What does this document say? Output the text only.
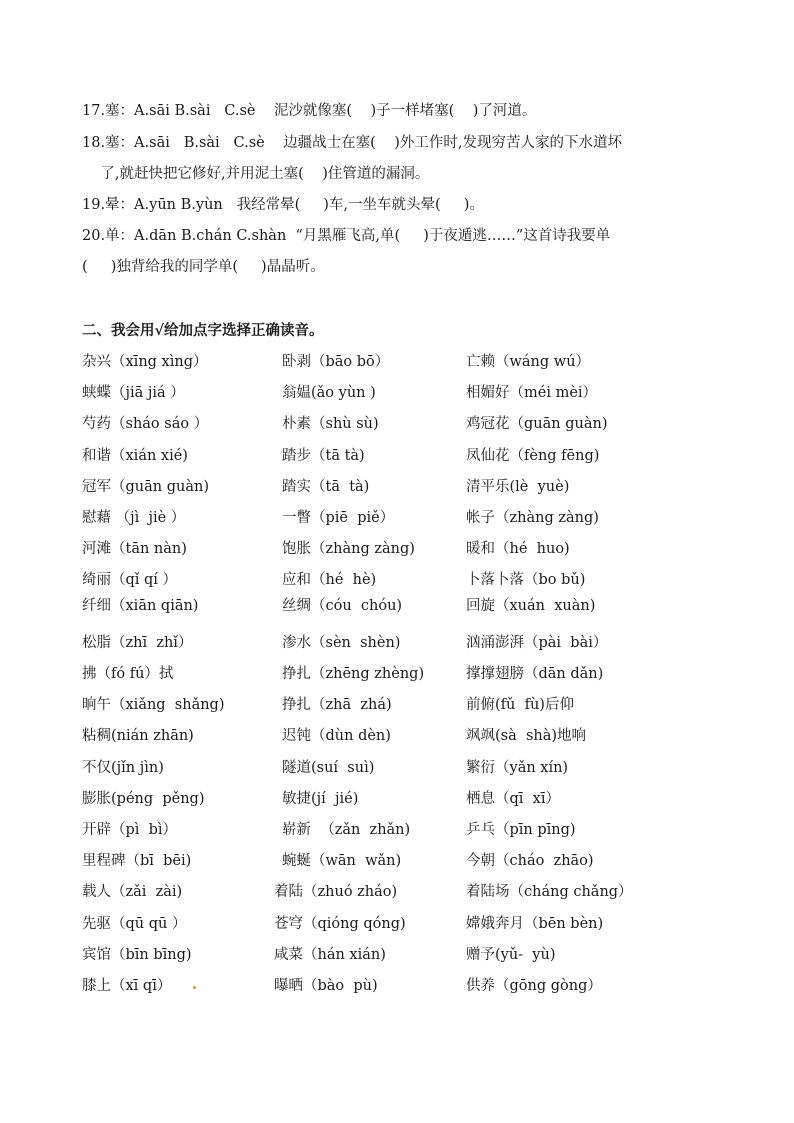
17.塞：A.sāi B.sài   C.sè    泥沙就像塞(    )子一样堵塞(    )了河道。
18.塞：A.sāi   B.sài   C.sè    边疆战士在塞(    )外工作时,发现穷苦人家的下水道坏
了,就赶快把它修好,并用泥土塞(    )住管道的漏洞。
19.晕：A.yūn B.yùn   我经常晕(     )车,一坐车就头晕(     )。
20.单：A.dān B.chán C.shàn  “月黑雁飞高,单(     )于夜遁逃……”这首诗我要单
(     )独背给我的同学单(     )晶晶听。
二、我会用√给加点字选择正确读音。
杂兴（xīng xìng）	卧剥（bāo bō）	亡赖（wáng wú）
蛱蝶（jiā jiá ）	翁媪(ǎo yùn )	相媚好（méi mèi）
芍药（sháo sáo ）	朴素（shù sù)	鸡冠花（guān guàn)
和谐（xián xié)	踏步（tā tà)	凤仙花（fèng fēng)
冠军（guān guàn)	踏实（tā  tà)	清平乐(lè  yuè)
慰藉 （jì  jiè ）	一瞥（piē  piě）	帐子（zhàng zàng)
河滩（tān nàn)	饱胀（zhàng zàng)	暖和（hé  huo)
绮丽（qǐ qí ）	应和（hé  hè)	卜落卜落（bo bǔ)
纤细（xiān qiān)	丝绸（cóu  chóu)	回旋（xuán  xuàn)
松脂（zhī  zhǐ）	渗水（sèn  shèn)	汹涌澎湃（pài  bài）
拂（fó fú）拭	挣扎（zhēng zhèng)	撑撑翅膀（dān dǎn)
晌午（xiǎng  shǎng)	挣扎（zhā  zhá)	前俯(fǔ  fù)后仰
粘稠(nián zhān)	迟钝（dùn dèn)	飒飒(sà  shà)地响
不仅(jǐn jìn)	隧道(suí  suì)	繁衍（yǎn xín)
膨胀(péng  pěng)	敏捷(jí  jié)	栖息（qī  xī）
开辟（pì  bì）	崭新  （zǎn  zhǎn)	乒乓（pīn pīng)
里程碑（bī  bēi)	蜿蜒（wān  wǎn)	今朝（cháo  zhāo)
载人（zǎi  zài)	着陆（zhuó zháo)	着陆场（cháng chǎng）
先驱（qū qū ）	苍穹（qióng qóng)	嫦娥奔月（bēn bèn)
宾馆（bīn bīng)	咸菜（hán xián)	赠予(yǔ-  yù)
膝上（xī qī）	曝晒（bào  pù)	供养（gōng gòng）
